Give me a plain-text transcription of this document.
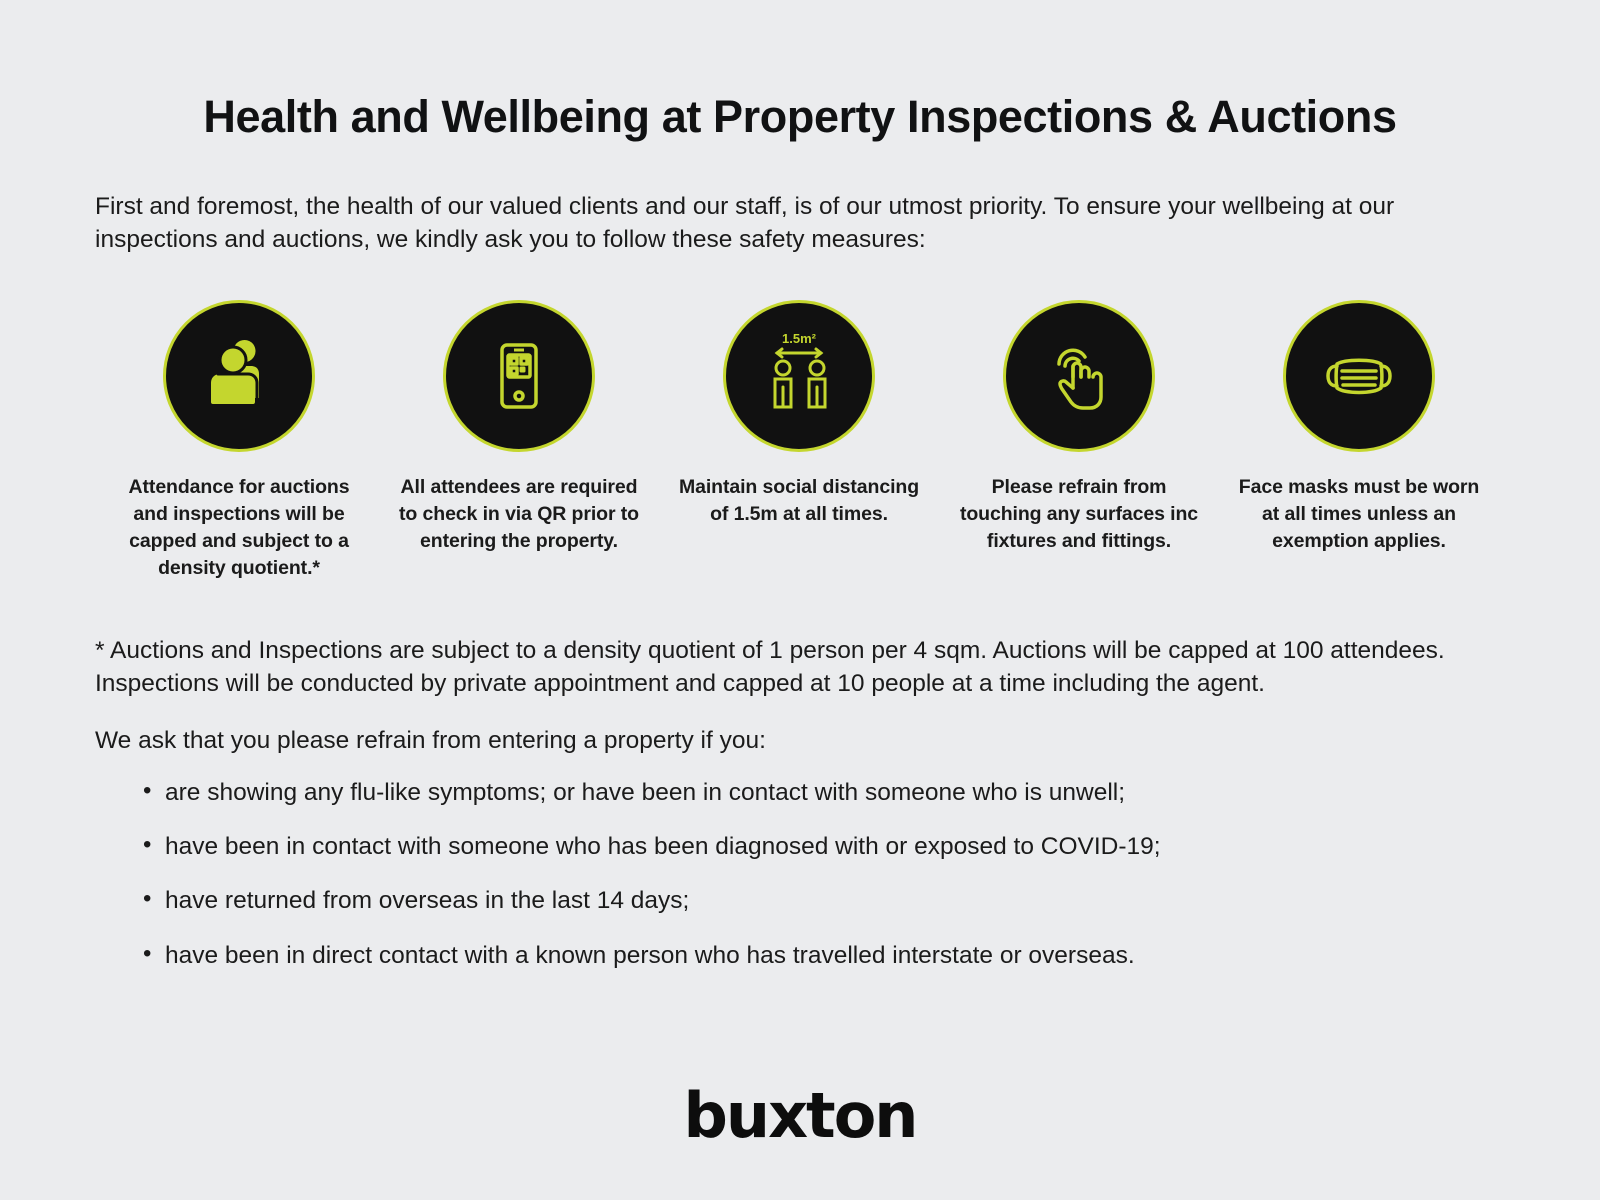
Health and Wellbeing at Property Inspections & Auctions

First and foremost, the health of our valued clients and our staff, is of our utmost priority. To ensure your wellbeing at our inspections and auctions, we kindly ask you to follow these safety measures:

Attendance for auctions and inspections will be capped and subject to a density quotient.*
All attendees are required to check in via QR prior to entering the property.
1.5m²
Maintain social distancing of 1.5m at all times.
Please refrain from touching any surfaces inc fixtures and fittings.
Face masks must be worn at all times unless an exemption applies.

* Auctions and Inspections are subject to a density quotient of 1 person per 4 sqm. Auctions will be capped at 100 attendees. Inspections will be conducted by private appointment and capped at 10 people at a time including the agent.

We ask that you please refrain from entering a property if you:

• are showing any flu-like symptoms; or have been in contact with someone who is unwell;
• have been in contact with someone who has been diagnosed with or exposed to COVID-19;
• have returned from overseas in the last 14 days;
• have been in direct contact with a known person who has travelled interstate or overseas.
buxton
